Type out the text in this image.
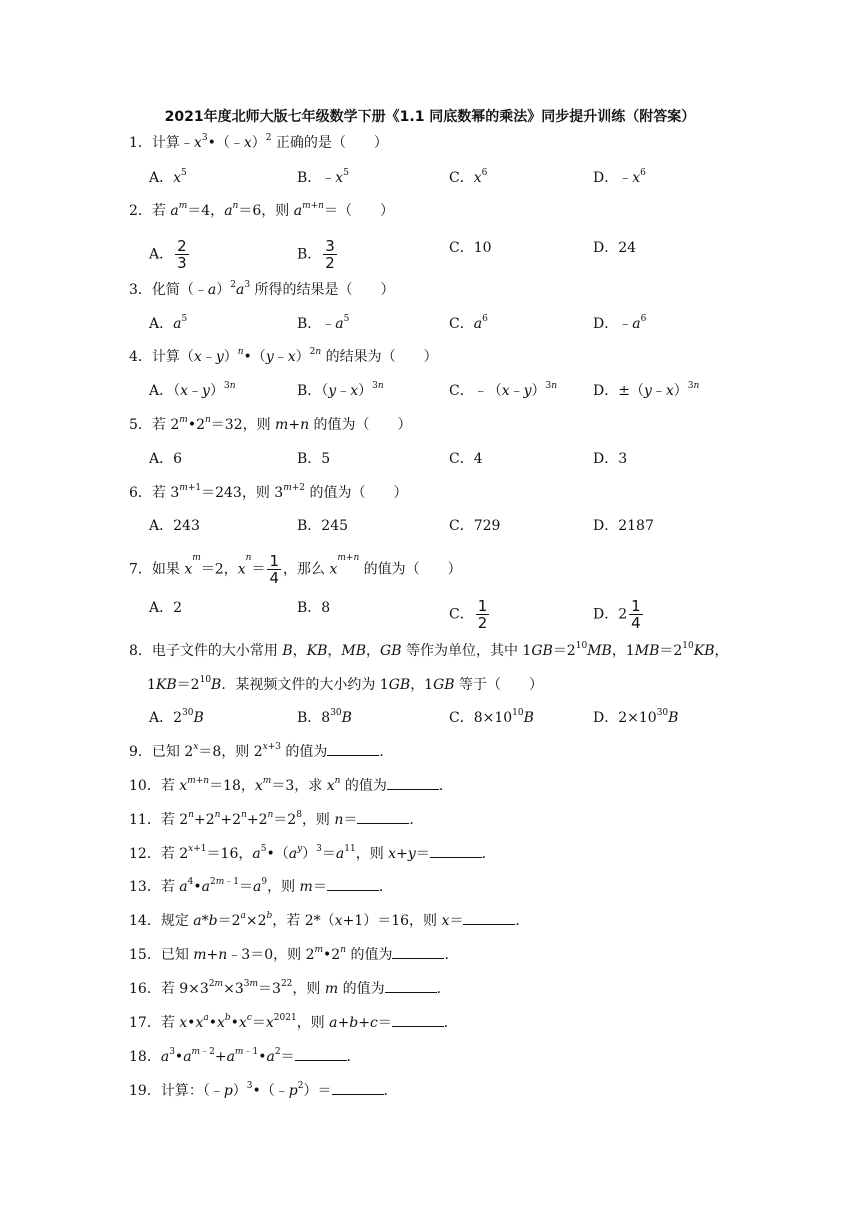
2021年度北师大版七年级数学下册《1.1 同底数幂的乘法》同步提升训练（附答案）
1．计算$﹣x^3•(﹣x)^2$ 正确的是（　　）
A．$x^5$	B．$﹣x^5$	C．$x^6$	D．$﹣x^6$
2．若 $a^m=4$，$a^n=6$，则 $a^{m+n}=$（　　）
A． $\frac{2}{3}$	B． $\frac{3}{2}$	C．10	D．24
3．化简$(﹣a)^2a^3$ 所得的结果是（　　）
A．$a^5$	B．$﹣a^5$	C．$a^6$	D．$﹣a^6$
4．计算（x﹣y）$^n$•（y﹣x）$^{2n}$ 的结果为（　　）
A．（x﹣y）$^{3n}$	B．（y﹣x）$^{3n}$	C．﹣（x﹣y）$^{3n}$	D．±（y﹣x）$^{3n}$
5．若 $2^m•2^n=32$，则 m+n 的值为（　　）
A．6	B．5	C．4	D．3
6．若 $3^{m+1}=243$，则 $3^{m+2}$ 的值为（　　）
A．243	B．245	C．729	D．2187
7．如果 $x^m=2$，$x^n= \frac{1}{4}$ ，那么 $x^{m+n}$ 的值为（　　）
A．2	B．8	C． $\frac{1}{2}$	D．$2 \frac{1}{4}$
8．电子文件的大小常用 B，KB，MB，GB 等作为单位，其中 $1GB=2^{10}MB$，$1MB=2^{10}KB$，
$1KB=2^{10}B$．某视频文件的大小约为 1GB，1GB 等于（　　）
A．$2^{30}B$	B．$8^{30}B$	C．$8\times 10^{10}B$	D．$2\times 10^{30}B$
9．已知 $2^x=8$，则 $2^{x+3}$ 的值为	．
10．若 $x^{m+n}=18$，$x^m=3$，求 $x^n$ 的值为	．
11．若 $2^n+2^n+2^n+2^n=2^8$，则 n＝	．
12．若 $2^{x+1}=16$，$a^5•(a^y)^3=a^{11}$，则 x+y＝	．
13．若 $a^4•a^{2m﹣1}=a^9$，则 m＝	．
14．规定 $a*b=2^a\times 2^b$，若 2*（x+1）＝16，则 x＝	．
15．已知 m+n﹣3＝0，则 2$^m$•2$^n$ 的值为	．
16．若 $9\times 3^{2m}\times 3^{3m}=3^{22}$，则 m 的值为	．
17．若 $x•x^a•x^b•x^c=x^{2021}$，则 a+b+c＝	．
18．$a^3•a^{m﹣2}+a^{m﹣1}•a^2=$	．
19．计算：$(﹣p)^3•(﹣p^2)=$	．
